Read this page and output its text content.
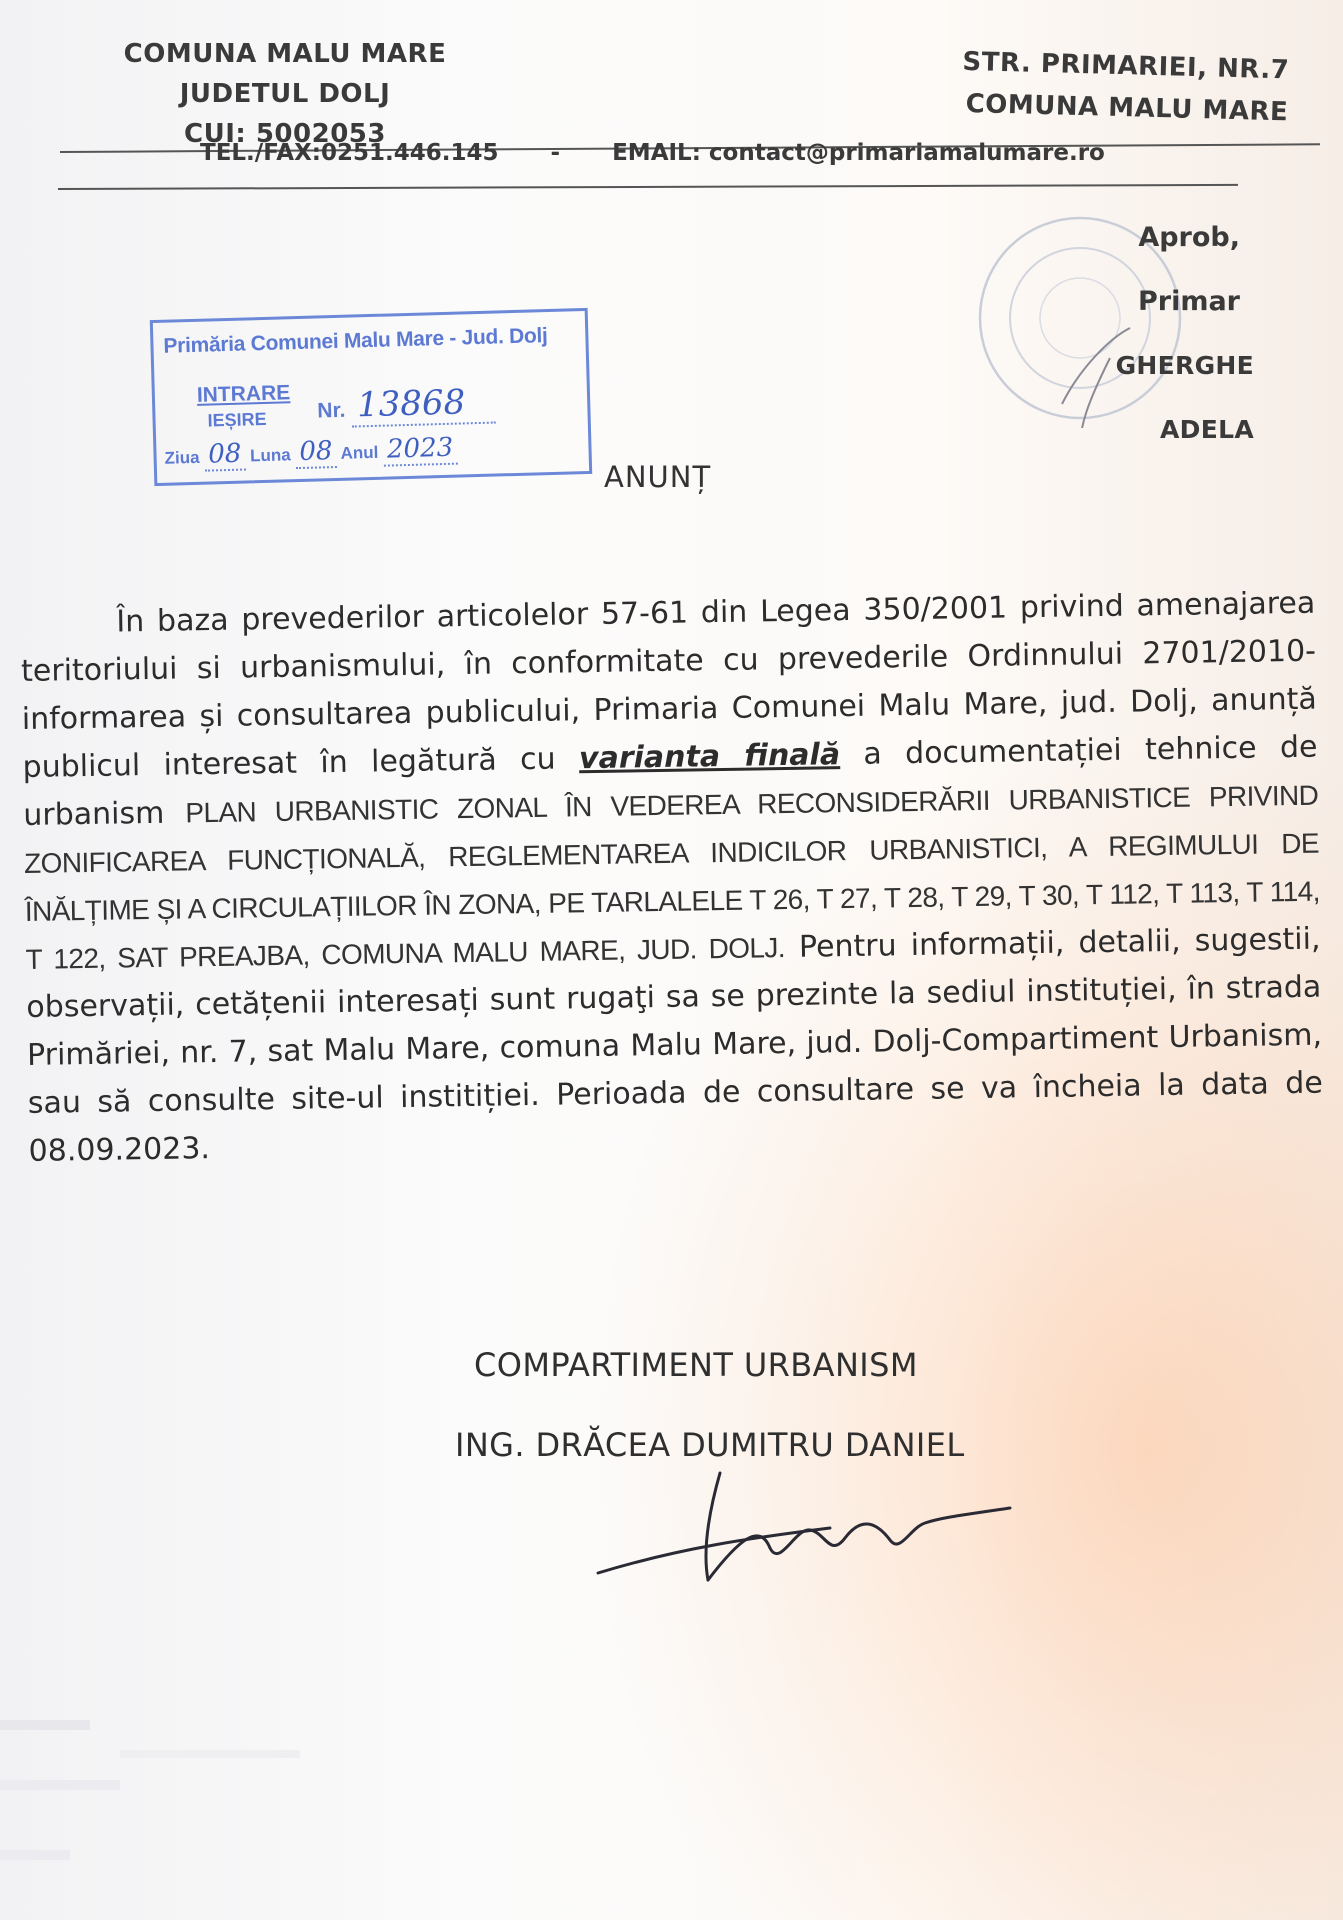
COMUNA MALU MARE
JUDETUL DOLJ
CUI: 5002053
STR. PRIMARIEI, NR.7
COMUNA MALU MARE
TEL./FAX:0251.446.145 - EMAIL: contact@primariamalumare.ro
Aprob,
Primar
GHERGHE ADELA
Primăria Comunei Malu Mare - Jud. Dolj
INTRARE
IEȘIRE Nr. 13868
Ziua 08 Luna 08 Anul 2023
ANUNȚ
În baza prevederilor articolelor 57-61 din Legea 350/2001 privind amenajarea teritoriului si urbanismului, în conformitate cu prevederile Ordinnului 2701/2010-informarea și consultarea publicului, Primaria Comunei Malu Mare, jud. Dolj, anunță publicul interesat în legătură cu varianta finală a documentației tehnice de urbanism PLAN URBANISTIC ZONAL ÎN VEDEREA RECONSIDERĂRII URBANISTICE PRIVIND ZONIFICAREA FUNCȚIONALĂ, REGLEMENTAREA INDICILOR URBANISTICI, A REGIMULUI DE ÎNĂLȚIME ȘI A CIRCULAȚIILOR ÎN ZONA, PE TARLALELE T 26, T 27, T 28, T 29, T 30, T 112, T 113, T 114, T 122, SAT PREAJBA, COMUNA MALU MARE, JUD. DOLJ. Pentru informații, detalii, sugestii, observații, cetățenii interesați sunt rugaţi sa se prezinte la sediul instituției, în strada Primăriei, nr. 7, sat Malu Mare, comuna Malu Mare, jud. Dolj-Compartiment Urbanism, sau să consulte site-ul institiției. Perioada de consultare se va încheia la data de 08.09.2023.
COMPARTIMENT URBANISM
ING. DRĂCEA DUMITRU DANIEL
